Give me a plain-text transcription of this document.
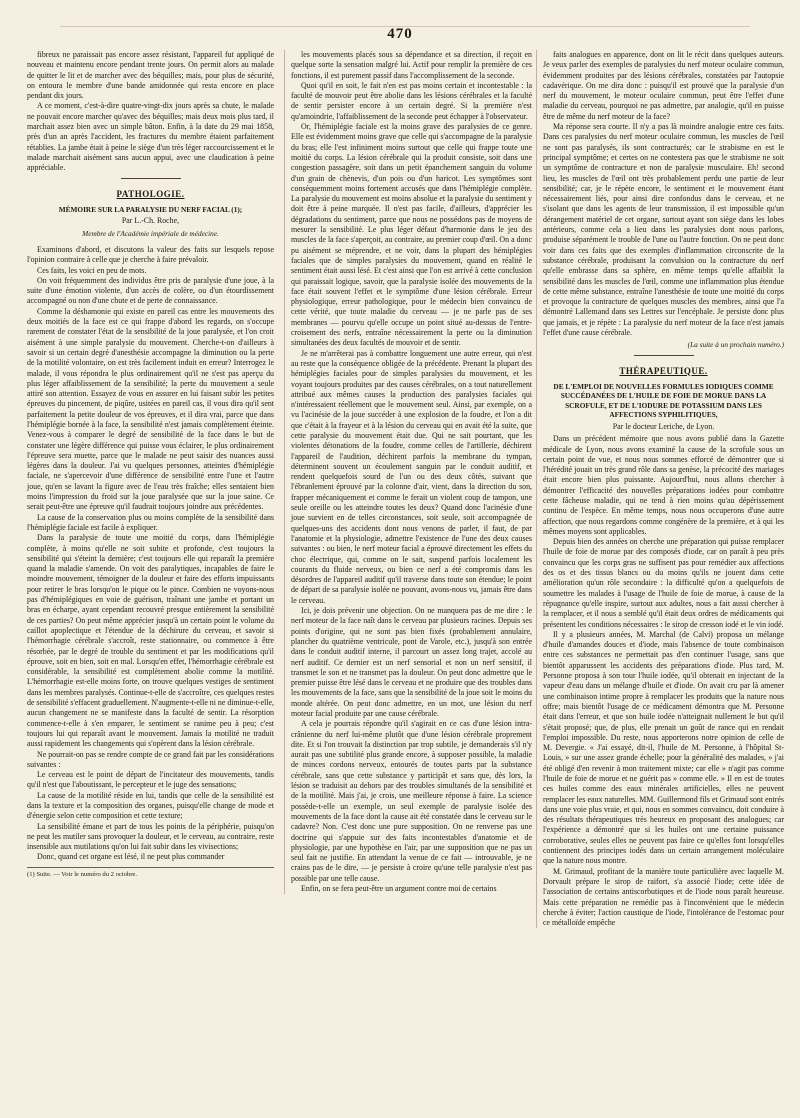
470

fibreux ne paraissait pas encore assez résistant, l'appareil fut appliqué de nouveau et maintenu encore pendant trente jours. On permit alors au malade de quitter le lit et de marcher avec des béquilles; mais, pour plus de sécurité, on entoura le membre d'une bande amidonnée qui resta encore en place pendant dix jours.

A ce moment, c'est-à-dire quatre-vingt-dix jours après sa chute, le malade ne pouvait encore marcher qu'avec des béquilles; mais deux mois plus tard, il marchait assez bien avec un simple bâton. Enfin, à la date du 29 mai 1858, près d'un an après l'accident, les fractures du membre étaient parfaitement rétablies. La jambe était à peine le siège d'un très léger raccourcissement et le malade marchait aisément sans aucun appui, avec une claudication à peine appréciable.

PATHOLOGIE.
MÉMOIRE SUR LA PARALYSIE DU NERF FACIAL (1);
Par L.-Ch. Roche,
Membre de l'Académie impériale de médecine.

Examinons d'abord, et discutons la valeur des faits sur lesquels repose l'opinion contraire à celle que je cherche à faire prévaloir.

Ces faits, les voici en peu de mots.

On voit fréquemment des individus être pris de paralysie d'une joue, à la suite d'une émotion violente, d'un accès de colère, ou d'un étourdissement accompagné ou non d'une chute et de perte de connaissance.

Comme la déshamonie qui existe en pareil cas entre les mouvements des deux moitiés de la face est ce qui frappe d'abord les regards, on s'occupe rarement de constater l'état de la sensibilité de la joue paralysée, et l'on croit aisément à une simple paralysie du mouvement. Cherche-t-on d'ailleurs à savoir si un certain degré d'anesthésie accompagne la diminution ou la perte de la motilité volontaire, on est très facilement induit en erreur? Interrogez le malade, il vous répondra le plus ordinairement qu'il ne s'est pas aperçu du plus léger affaiblissement de la sensibilité; la perte du mouvement a seule attiré son attention. Essayez de vous en assurer en lui faisant subir les petites épreuves du pincement, de piqûre, usitées en pareil cas, il vous dira qu'il sent parfaitement la petite douleur de vos épreuves, et il dira vrai, parce que dans l'hémiplégie bornée à la face, la sensibilité n'est jamais complètement éteinte. Venez-vous à comparer le degré de sensibilité de la face dans le but de constater une légère différence qui puisse vous éclairer, le plus ordinairement l'épreuve sera muette, parce que le malade ne peut saisir des nuances aussi légères dans la douleur. J'ai vu quelques personnes, atteintes d'hémiplégie faciale, ne s'apercevoir d'une différence de sensibilité entre l'une et l'autre joue, qu'en se lavant la figure avec de l'eau très fraîche; elles sentaient bien moins l'impression du froid sur la joue paralysée que sur la joue saine. Ce serait peut-être une épreuve qu'il faudrait toujours joindre aux précédentes.

La cause de la conservation plus ou moins complète de la sensibilité dans l'hémiplégie faciale est facile à expliquer.

Dans la paralysie de toute une moitié du corps, dans l'hémiplégie complète, à moins qu'elle ne soit subite et profonde, c'est toujours la sensibilité qui s'éteint la dernière; c'est toujours elle qui reparaît la première quand la maladie s'amende. On voit des paralytiques, incapables de faire le moindre mouvement, témoigner de la douleur et faire des efforts impuissants pour retirer le bras lorsqu'on le pique ou le pince. Combien ne voyons-nous pas d'hémiplégiques en voie de guérison, traînant une jambe et portant un bras en écharpe, ayant cependant recouvré presque entièrement la sensibilité de ces parties? On peut même apprécier jusqu'à un certain point le volume du caillot apoplectique et l'étendue de la déchirure du cerveau, et savoir si l'hémorrhagie cérébrale s'accroît, reste stationnaire, ou commence à être résorbée, par le degré de trouble du sentiment et par les modifications qu'il éprouve, soit en bien, soit en mal. Lorsqu'en effet, l'hémorrhagie cérébrale est considérable, la sensibilité est complètement abolie comme la motilité. L'hémorrhagie est-elle moins forte, on trouve quelques vestiges de sentiment dans les membres paralysés. Continue-t-elle de s'accroître, ces quelques restes de sensibilité s'effacent graduellement. N'augmente-t-elle ni ne diminue-t-elle, aucun changement ne se manifeste dans la faculté de sentir. La résorption commence-t-elle à s'en emparer, le sentiment se ranime peu à peu; c'est toujours lui qui reparaît avant le mouvement. Jamais la motilité ne traduit aussi rapidement les changements qui s'opèrent dans la lésion cérébrale.

Ne pourrait-on pas se rendre compte de ce grand fait par les considérations suivantes :

Le cerveau est le point de départ de l'incitateur des mouvements, tandis qu'il n'est que l'aboutissant, le percepteur et le juge des sensations;

La cause de la motilité réside en lui, tandis que celle de la sensibilité est dans la texture et la composition des organes, puisqu'elle change de mode et d'énergie selon cette composition et cette texture;

La sensibilité émane et part de tous les points de la périphérie, puisqu'on ne peut les mutiler sans provoquer la douleur, et le cerveau, au contraire, reste insensible aux mutilations qu'on lui fait subir dans les vivisections;

Donc, quand cet organe est lésé, il ne peut plus commander

(1) Suite. — Voir le numéro du 2 octobre.

les mouvements placés sous sa dépendance et sa direction, il reçoit en quelque sorte la sensation malgré lui. Actif pour remplir la première de ces fonctions, il est purement passif dans l'accomplissement de la seconde.

Quoi qu'il en soit, le fait n'en est pas moins certain et incontestable : la faculté de mouvoir peut être abolie dans les lésions cérébrales et la faculté de sentir persister encore à un certain degré. Si la première n'est qu'amoindrie, l'affaiblissement de la seconde peut échapper à l'observateur.

Or, l'hémiplégie faciale est la moins grave des paralysies de ce genre. Elle est évidemment moins grave que celle qui s'accompagne de la paralysie du bras; elle l'est infiniment moins surtout que celle qui frappe toute une moitié du corps. La lésion cérébrale qui la produit consiste, soit dans une congestion passagère, soit dans un petit épanchement sanguin du volume d'un grain de chènevis, d'un pois ou d'un haricot. Les symptômes sont conséquemment moins fortement accusés que dans l'hémiplégie complète. La paralysie du mouvement est moins absolue et la paralysie du sentiment y doit être à peine marquée. Il n'est pas facile, d'ailleurs, d'apprécier les dégradations du sentiment, parce que nous ne possédons pas de moyens de mesurer la sensibilité. Le plus léger défaut d'harmonie dans le jeu des muscles de la face s'aperçoit, au contraire, au premier coup d'œil. On a donc pu aisément se méprendre, et ne voir, dans la plupart des hémiplégies faciales que de simples paralysies du mouvement, quand en réalité le sentiment était aussi lésé. Et c'est ainsi que l'on est arrivé à cette conclusion qui paraissait logique, savoir, que la paralysie isolée des mouvements de la face était souvent l'effet et le symptôme d'une lésion cérébrale. Erreur physiologique, erreur pathologique, pour le médecin bien convaincu de cette vérité, que toute maladie du cerveau — je ne parle pas de ses membranes — pourvu qu'elle occupe un point situé au-dessus de l'entre-croisement des nerfs, entraîne nécessairement la perte ou la diminution simultanées des deux facultés de mouvoir et de sentir.

Je ne m'arrêterai pas à combattre longuement une autre erreur, qui n'est au reste que la conséquence obligée de la précédente. Prenant la plupart des hémiplégies faciales pour de simples paralysies du mouvement, et les voyant toujours produites par des causes cérébrales, on a tout naturellement attribué aux mêmes causes la production des paralysies faciales qui n'intéressaient réellement que le mouvement seul. Ainsi, par exemple, on a vu l'acinésie de la joue succéder à une explosion de la foudre, et l'on a dit que c'était à la frayeur et à la lésion du cerveau qui en avait été la suite, que cette paralysie du mouvement était due. Qui ne sait pourtant, que les violentes détonations de la foudre, comme celles de l'artillerie, déchirent l'appareil de l'audition, déchirent parfois la membrane du tympan, déterminent souvent un écoulement sanguin par le conduit auditif, et rendent quelquefois sourd de l'un ou des deux côtés, suivant que l'ébranlement éprouvé par la colonne d'air, vient, dans la direction du son, frapper mécaniquement et comme le ferait un violent coup de tampon, une seule oreille ou les atteindre toutes les deux? Quand donc l'acinésie d'une joue survient en de telles circonstances, soit seule, soit accompagnée de quelques-uns des accidents dont nous venons de parler, il faut, de par l'anatomie et la physiologie, admettre l'existence de l'une des deux causes suivantes : ou bien, le nerf moteur facial a éprouvé directement les effets du choc électrique, qui, comme on le sait, suspend parfois localement les courants du fluide nerveux, ou bien ce nerf a été compromis dans les désordres de l'appareil auditif qu'il traverse dans toute son étendue; le point de départ de sa paralysie isolée ne pouvant, avons-nous vu, jamais être dans le cerveau.

Ici, je dois prévenir une objection. On ne manquera pas de me dire : le nerf moteur de la face naît dans le cerveau par plusieurs racines. Depuis ses points d'origine, qui ne sont pas bien fixés (probablement annulaire, plancher du quatrième ventricule, pont de Varole, etc.), jusqu'à son entrée dans le conduit auditif interne, il parcourt un assez long trajet, accolé au nerf auditif. Ce dernier est un nerf sensorial et non un nerf sensitif, il transmet le son et ne transmet pas la douleur. On peut donc admettre que le premier puisse être lésé dans le cerveau et ne produire que des troubles dans les mouvements de la face, sans que la sensibilité de la joue soit le moins du monde altérée. On peut donc admettre, en un mot, une lésion du nerf moteur facial produite par une cause cérébrale.

A cela je pourrais répondre qu'il s'agirait en ce cas d'une lésion intra-crânienne du nerf lui-même plutôt que d'une lésion cérébrale proprement dite. Et si l'on trouvait la distinction par trop subtile, je demanderais s'il n'y aurait pas une subtilité plus grande encore, à supposer possible, la maladie de minces cordons nerveux, entourés de toutes parts par la substance cérébrale, sans que cette substance y participât et sans que, dès lors, la lésion se traduisit au dehors par des troubles simultanés de la sensibilité et de la motilité. Mais j'ai, je crois, une meilleure réponse à faire. La science possède-t-elle un exemple, un seul exemple de paralysie isolée des mouvements de la face dont la cause ait été constatée dans le cerveau sur le cadavre? Non. C'est donc une pure supposition. On ne renverse pas une doctrine qui s'appuie sur des faits incontestables d'anatomie et de physiologie, par une hypothèse en l'air, par une supposition que ne pas un seul fait ne justifie. En attendant la venue de ce fait — introuvable, je ne crains pas de le dire, — je persiste à croire qu'une telle paralysie n'est pas possible par une telle cause.

Enfin, on se fera peut-être un argument contre moi de certains

faits analogues en apparence, dont on lit le récit dans quelques auteurs. Je veux parler des exemples de paralysies du nerf moteur oculaire commun, évidemment produites par des lésions cérébrales, constatées par l'autopsie cadavérique. On me dira donc : puisqu'il est prouvé que la paralysie d'un nerf du mouvement, le moteur oculaire commun, peut être l'effet d'une maladie du cerveau, pourquoi ne pas admettre, par analogie, qu'il en puisse être de même du nerf moteur de la face?

Ma réponse sera courte. Il n'y a pas là moindre analogie entre ces faits. Dans ces paralysies du nerf moteur oculaire commun, les muscles de l'œil ne sont pas paralysés, ils sont contracturés; car le strabisme en est le principal symptôme; et certes on ne contestera pas que le strabisme ne soit un symptôme de contracture et non de paralysie musculaire. Eh! second lieu, les muscles de l'œil ont très probablement perdu une partie de leur sensibilité; car, je le répète encore, le sentiment et le mouvement étant nécessairement liés, pour ainsi dire confondus dans le cerveau, et ne s'isolant que dans les agents de leur transmission, il est impossible qu'un dérangement matériel de cet organe, surtout ayant son siège dans les lobes antérieurs, comme cela a lieu dans les paralysies dont nous parlons, produise séparément le trouble de l'une ou l'autre fonction. On ne peut donc voir dans ces faits que des exemples d'inflammation circonscrite de la substance cérébrale, produisant la convulsion ou la contracture du nerf qu'elle embrasse dans sa sphère, en même temps qu'elle affaiblit la sensibilité dans les muscles de l'œil, comme une inflammation plus étendue de cette même substance, entraîne l'anesthésie de toute une moitié du corps et provoque la contracture de quelques muscles des membres, ainsi que l'a démontré Lallemand dans ses Lettres sur l'encéphale. Je persiste donc plus que jamais, et je répète : La paralysie du nerf moteur de la face n'est jamais l'effet d'une cause cérébrale.

(La suite à un prochain numéro.)
THÉRAPEUTIQUE.
DE L'EMPLOI DE NOUVELLES FORMULES IODIQUES COMME SUCCÉDANÉES DE L'HUILE DE FOIE DE MORUE DANS LA SCROFULE, ET DE L'IODURE DE POTASSIUM DANS LES AFFECTIONS SYPHILITIQUES,
Par le docteur Leriche, de Lyon.

Dans un précédent mémoire que nous avons publié dans la Gazette médicale de Lyon, nous avons examiné la cause de la scrofule sous un certain point de vue, et nous nous sommes efforcé de démontrer que si l'hérédité jouait un très grand rôle dans sa genèse, la précocité des mariages était encore bien plus puissante. Aujourd'hui, nous allons chercher à démontrer l'efficacité des nouvelles préparations iodées pour combattre cette fâcheuse maladie, qui ne tend à rien moins qu'au dépérissement continu de l'espèce. En même temps, nous nous occuperons d'une autre affection, que nous regardons comme congénère de la première, et à qui les mêmes moyens sont applicables.

Depuis bien des années on cherche une préparation qui puisse remplacer l'huile de foie de morue par des composés d'iode, car on paraît à peu près convaincu que les corps gras ne suffisent pas pour remédier aux affections des os et des tissus blancs ou du moins qu'ils ne jouent dans cette amélioration qu'un rôle secondaire : la difficulté qu'on a quelquefois de soumettre les malades à l'usage de l'huile de foie de morue, à cause de la répugnance qu'elle inspire, surtout aux adultes, nous a fait aussi chercher à la remplacer, et il nous a semblé qu'il était deux ordres de médicaments qui présentent les conditions nécessaires : le sirop de cresson iodé et le vin iodé.

Il y a plusieurs années, M. Marchal (de Calvi) proposa un mélange d'huile d'amandes douces et d'iode, mais l'absence de toute combinaison entre ces substances ne permettait pas d'en continuer l'usage, sans que bientôt apparussent les accidents des préparations d'iode. Plus tard, M. Personne proposa à son tour l'huile iodée, qu'il obtenait en injectant de la vapeur d'eau dans un mélange d'huile et d'iode. On avait cru par là amener une combinaison intime propre à remplacer les produits que la nature nous offre; mais bientôt l'usage de ce médicament démontra que M. Personne était dans l'erreur, et que son huile iodée n'atteignait nullement le but qu'il s'était proposé; que, de plus, elle prenait un goût de rance qui en rendait l'emploi impossible. Du reste, nous apporterons notre opinion de celle de M. Devergie. « J'ai essayé, dit-il, l'huile de M. Personne, à l'hôpital St-Louis, » sur une assez grande échelle; pour la généralité des malades, » j'ai été obligé d'en revenir à mon traitement mixte; car elle » n'agit pas comme l'huile de foie de morue et ne guérit pas » comme elle. » Il en est de toutes ces huiles comme des eaux minérales artificielles, elles ne peuvent remplacer les eaux naturelles. MM. Guillermond fils et Grimaud sont entrés dans une voie plus vraie, et qui, nous en sommes convaincu, doit conduire à des résultats thérapeutiques très heureux en proposant des analogues; car l'expérience a démontré que si les huiles ont une certaine puissance corroborative, seules elles ne peuvent pas faire ce qu'elles font lorsqu'elles contiennent des principes iodés dans un certain arrangement moléculaire que la nature nous montre.

M. Grimaud, profitant de la manière toute particulière avec laquelle M. Dorvault prépare le sirop de raifort, s'a associé l'iode; cette idée de l'association de certains antiscorbutiques et de l'iode nous paraît heureuse. Mais cette préparation ne remédie pas à l'inconvénient que le médecin cherche à éviter; l'action caustique de l'iode, l'intolérance de l'estomac pour ce métalloïde empêche
